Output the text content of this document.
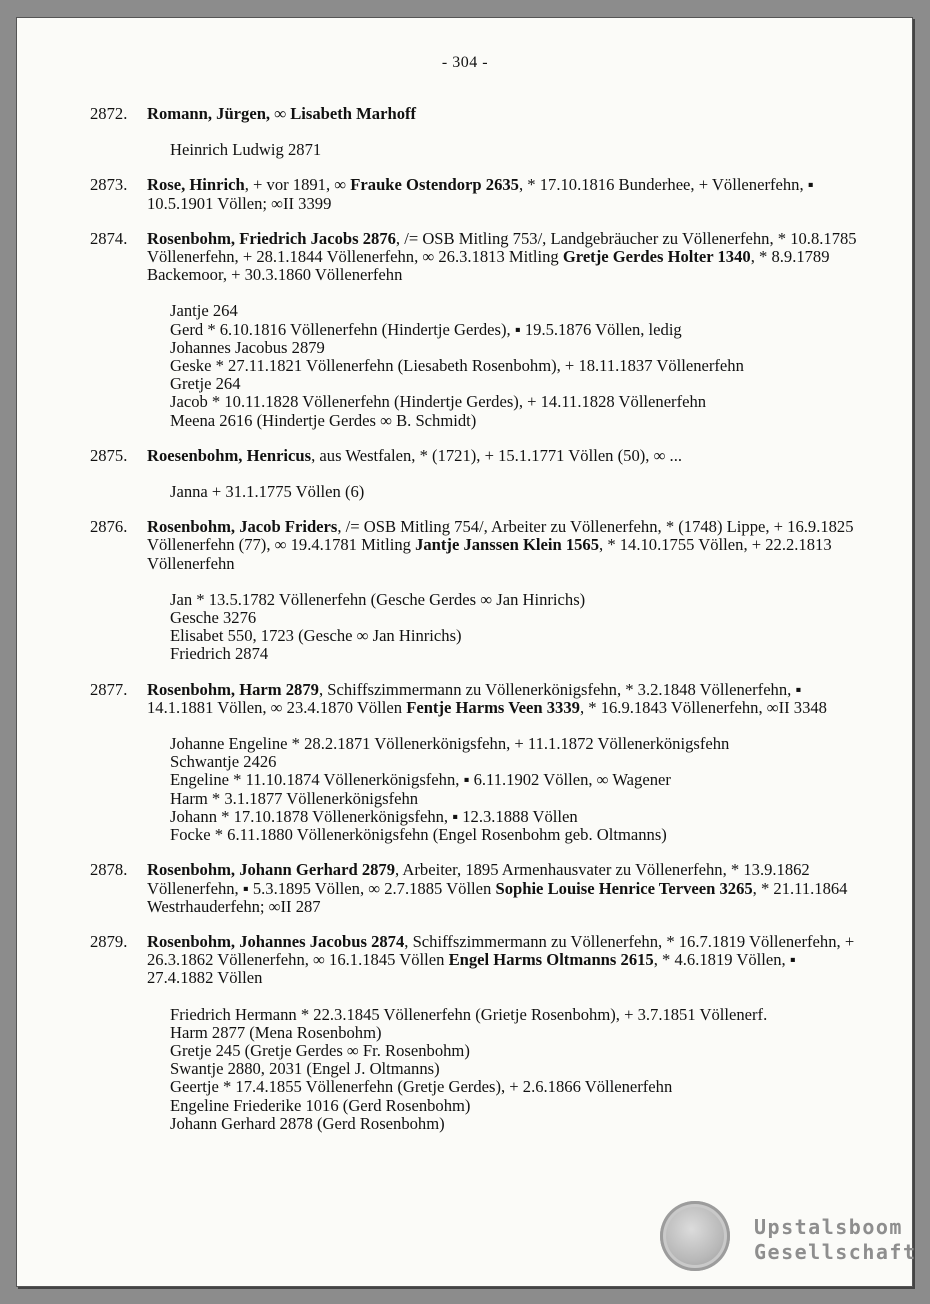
- 304 -
2872. Romann, Jürgen, ∞ Lisabeth Marhoff
Heinrich Ludwig 2871
2873. Rose, Hinrich, + vor 1891, ∞ Frauke Ostendorp 2635, * 17.10.1816 Bunderhee, + Völlenerfehn, ▪ 10.5.1901 Völlen; ∞II 3399
2874. Rosenbohm, Friedrich Jacobs 2876, /= OSB Mitling 753/, Landgebräucher zu Völlenerfehn, * 10.8.1785 Völlenerfehn, + 28.1.1844 Völlenerfehn, ∞ 26.3.1813 Mitling Gretje Gerdes Holter 1340, * 8.9.1789 Backemoor, + 30.3.1860 Völlenerfehn
Jantje 264
Gerd * 6.10.1816 Völlenerfehn (Hindertje Gerdes), ▪ 19.5.1876 Völlen, ledig
Johannes Jacobus 2879
Geske * 27.11.1821 Völlenerfehn (Liesabeth Rosenbohm), + 18.11.1837 Völlenerfehn
Gretje 264
Jacob * 10.11.1828 Völlenerfehn (Hindertje Gerdes), + 14.11.1828 Völlenerfehn
Meena 2616 (Hindertje Gerdes ∞ B. Schmidt)
2875. Roesenbohm, Henricus, aus Westfalen, * (1721), + 15.1.1771 Völlen (50), ∞ ...
Janna + 31.1.1775 Völlen (6)
2876. Rosenbohm, Jacob Friders, /= OSB Mitling 754/, Arbeiter zu Völlenerfehn, * (1748) Lippe, + 16.9.1825 Völlenerfehn (77), ∞ 19.4.1781 Mitling Jantje Janssen Klein 1565, * 14.10.1755 Völlen, + 22.2.1813 Völlenerfehn
Jan * 13.5.1782 Völlenerfehn (Gesche Gerdes ∞ Jan Hinrichs)
Gesche 3276
Elisabet 550, 1723 (Gesche ∞ Jan Hinrichs)
Friedrich 2874
2877. Rosenbohm, Harm 2879, Schiffszimmermann zu Völlenerkönigsfehn, * 3.2.1848 Völlenerfehn, ▪ 14.1.1881 Völlen, ∞ 23.4.1870 Völlen Fentje Harms Veen 3339, * 16.9.1843 Völlenerfehn, ∞II 3348
Johanne Engeline * 28.2.1871 Völlenerkönigsfehn, + 11.1.1872 Völlenerkönigsfehn
Schwantje 2426
Engeline * 11.10.1874 Völlenerkönigsfehn, ▪ 6.11.1902 Völlen, ∞ Wagener
Harm * 3.1.1877 Völlenerkönigsfehn
Johann * 17.10.1878 Völlenerkönigsfehn, ▪ 12.3.1888 Völlen
Focke * 6.11.1880 Völlenerkönigsfehn (Engel Rosenbohm geb. Oltmanns)
2878. Rosenbohm, Johann Gerhard 2879, Arbeiter, 1895 Armenhausvater zu Völlenerfehn, * 13.9.1862 Völlenerfehn, ▪ 5.3.1895 Völlen, ∞ 2.7.1885 Völlen Sophie Louise Henrice Terveen 3265, * 21.11.1864 Westrhauderfehn; ∞II 287
2879. Rosenbohm, Johannes Jacobus 2874, Schiffszimmermann zu Völlenerfehn, * 16.7.1819 Völlenerfehn, + 26.3.1862 Völlenerfehn, ∞ 16.1.1845 Völlen Engel Harms Oltmanns 2615, * 4.6.1819 Völlen, ▪ 27.4.1882 Völlen
Friedrich Hermann * 22.3.1845 Völlenerfehn (Grietje Rosenbohm), + 3.7.1851 Völlenerf.
Harm 2877 (Mena Rosenbohm)
Gretje 245 (Gretje Gerdes ∞ Fr. Rosenbohm)
Swantje 2880, 2031 (Engel J. Oltmanns)
Geertje * 17.4.1855 Völlenerfehn (Gretje Gerdes), + 2.6.1866 Völlenerfehn
Engeline Friederike 1016 (Gerd Rosenbohm)
Johann Gerhard 2878 (Gerd Rosenbohm)
Upstalsboom
Gesellschaft
